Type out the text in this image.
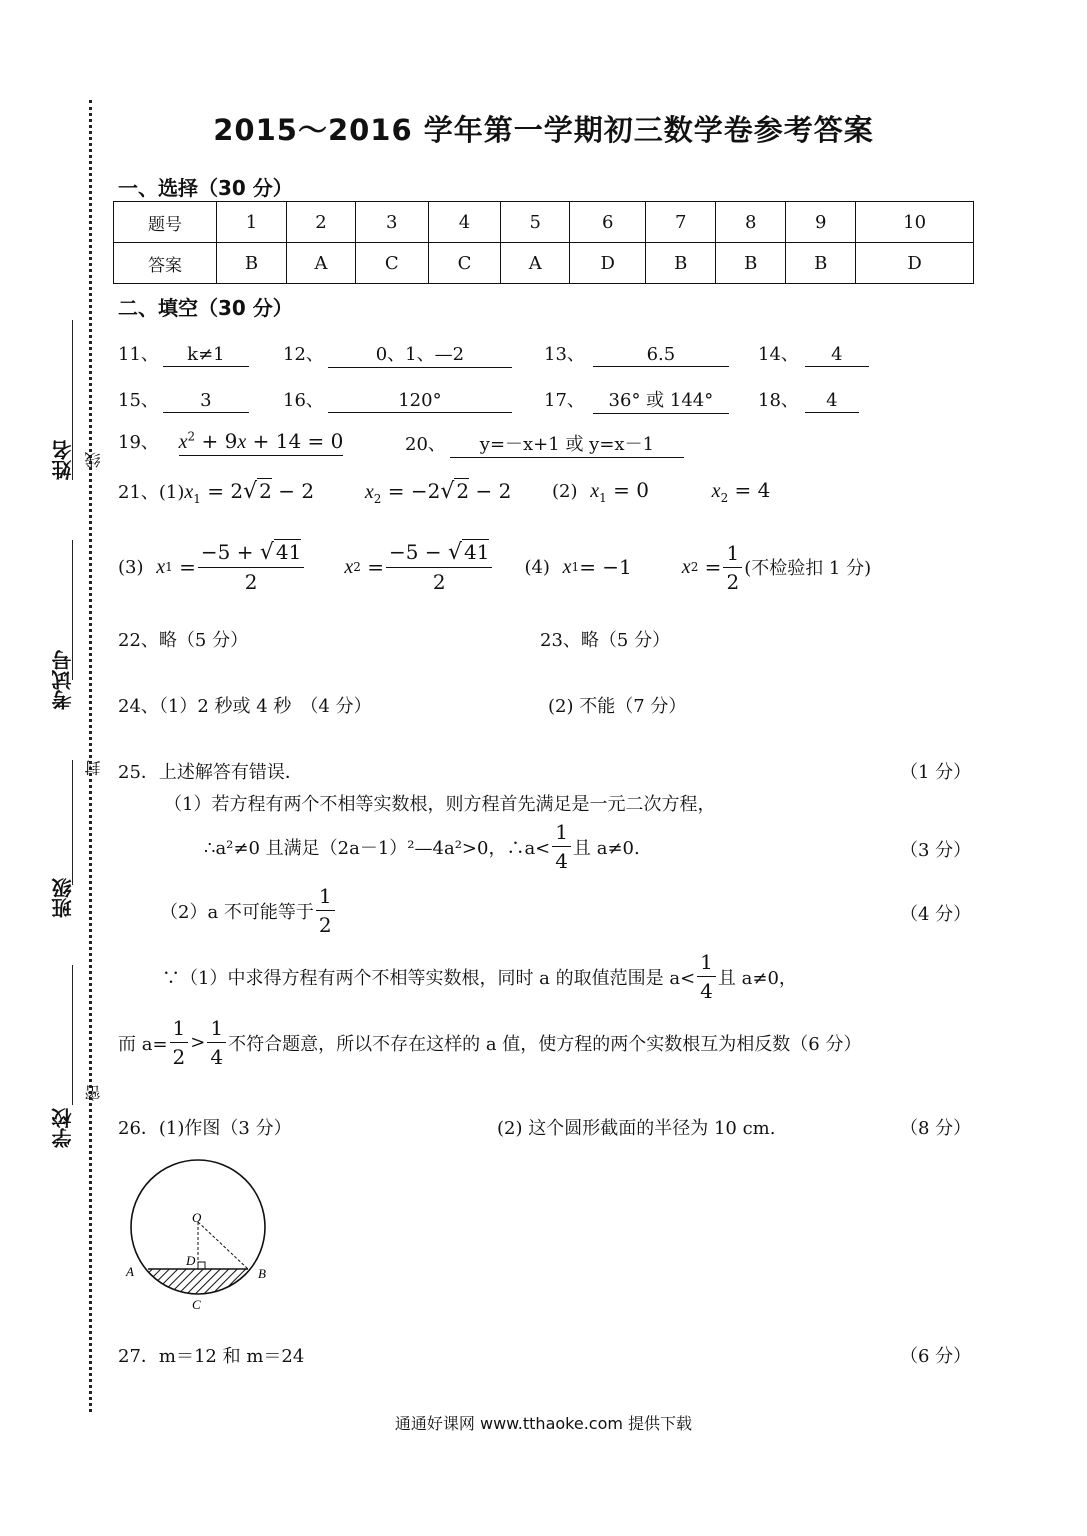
姓名
考试号
班级
学校
线
封
密
2015～2016 学年第一学期初三数学卷参考答案
一、选择（30 分）
题号	1	2	3	4	5	6	7	8	9	10
答案	B	A	C	C	A	D	B	B	B	D
二、填空（30 分）
11、 k≠1	12、	0、1、—2	13、	6.5	14、 4
15、 3	16、	120°	17、 36° 或 144°	18、 4
19、 $x^2 + 9x + 14 = 0$	20、 y=－x+1 或 y=x－1
21、$(1)x_1 = 2√$ 2 − 2  $x_2 = -2√$ 2 − 2 (2) $x_1 = 0$	$x_2 = 4$
(3)
x $1 = \frac{-5 + √ 41}{2}$ x $2 = \frac{-5 - √ 41}{2} (4)$
x 1 = −1	x $2 = \frac{1}{2}$ (不检验扣 1 分)
22、略（5 分）	23、略（5 分）
24、（1）2 秒或 4 秒　（4 分）	(2) 不能（7 分）
25．上述解答有错误．	（1 分）
（1）若方程有两个不相等实数根，则方程首先满足是一元二次方程，
∴a²≠0 且满足（2a－1）²—4a²>0，∴a< $\frac{1}{4}$ 且 a≠0.	（3 分）
（2）a 不可能等于 $\frac{1}{2}$	（4 分）
∵（1）中求得方程有两个不相等实数根，同时 a 的取值范围是 $a< \frac{1}{4}$ 且 a≠0，
而 $a= \frac{1}{2} > \frac{1}{4}$ 不符合题意，所以不存在这样的 a 值，使方程的两个实数根互为相反数（6 分）
26．(1)作图（3 分）	(2) 这个圆形截面的半径为 10 cm.	（8 分）
O
D
A	B
C
27．m＝12 和 m＝24	（6 分）
通通好课网 www.tthaoke.com 提供下载
